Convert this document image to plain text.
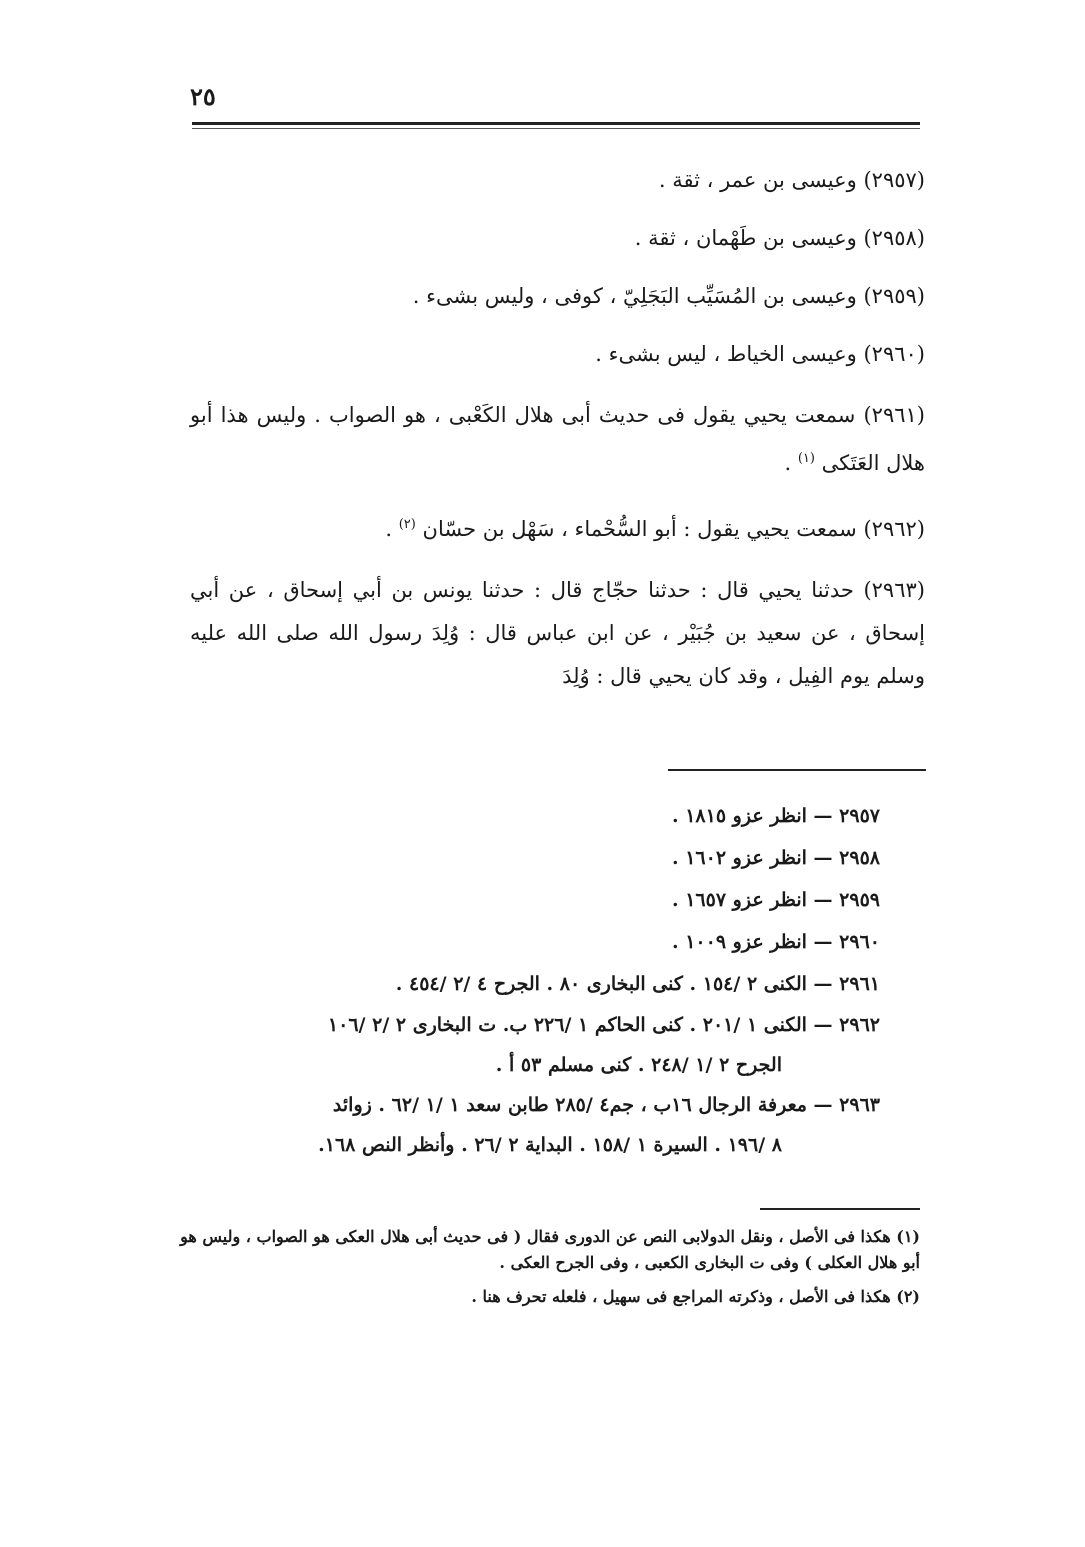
٢٥

(٢٩٥٧) وعيسى بن عمر ، ثقة .

(٢٩٥٨) وعيسى بن طَهْمان ، ثقة .

(٢٩٥٩) وعيسى بن المُسَيِّب البَجَلِيّ ، كوفى ، وليس بشىء .

(٢٩٦٠) وعيسى الخياط ، ليس بشىء .

(٢٩٦١) سمعت يحيي يقول فى حديث أبى هلال الكَعْبى ، هو الصواب . وليس هذا أبو هلال العَتَكى $^{(١)}$ .

(٢٩٦٢) سمعت يحيي يقول : أبو السُّحْماء ، سَهْل بن حسّان $^{(٢)}$ .

(٢٩٦٣) حدثنا يحيي قال : حدثنا حجّاج قال : حدثنا يونس بن أبي إسحاق ، عن أبي إسحاق ، عن سعيد بن جُبَيْر ، عن ابن عباس قال : وُلِدَ رسول الله صلى الله عليه وسلم يوم الفِيل ، وقد كان يحيي قال : وُلِدَ

٢٩٥٧ — انظر عزو ١٨١٥ .
٢٩٥٨ — انظر عزو ١٦٠٢ .
٢٩٥٩ — انظر عزو ١٦٥٧ .
٢٩٦٠ — انظر عزو ١٠٠٩ .
٢٩٦١ — الكنى ٢ /١٥٤ . كنى البخارى ٨٠ . الجرح ٤ /٢ /٤٥٤ .
٢٩٦٢ — الكنى ١ /٢٠١ . كنى الحاكم ١ /٢٢٦ ب. ت البخارى ٢ /٢ /١٠٦
الجرح ٢ /١ /٢٤٨ . كنى مسلم ٥٣ أ .
٢٩٦٣ — معرفة الرجال ١٦ب ، جم٤ /٢٨٥ طابن سعد ١ /١ /٦٢ . زوائد
٨ /١٩٦ . السيرة ١ /١٥٨ . البداية ٢ /٢٦ . وأنظر النص ١٦٨.
(١) هكذا فى الأصل ، ونقل الدولابى النص عن الدورى فقال ( فى حديث أبى هلال العكى هو الصواب ، وليس هو أبو هلال العكلى ) وفى ت البخارى الكعبى ، وفى الجرح العكى .
(٢) هكذا فى الأصل ، وذكرته المراجع فى سهيل ، فلعله تحرف هنا .
